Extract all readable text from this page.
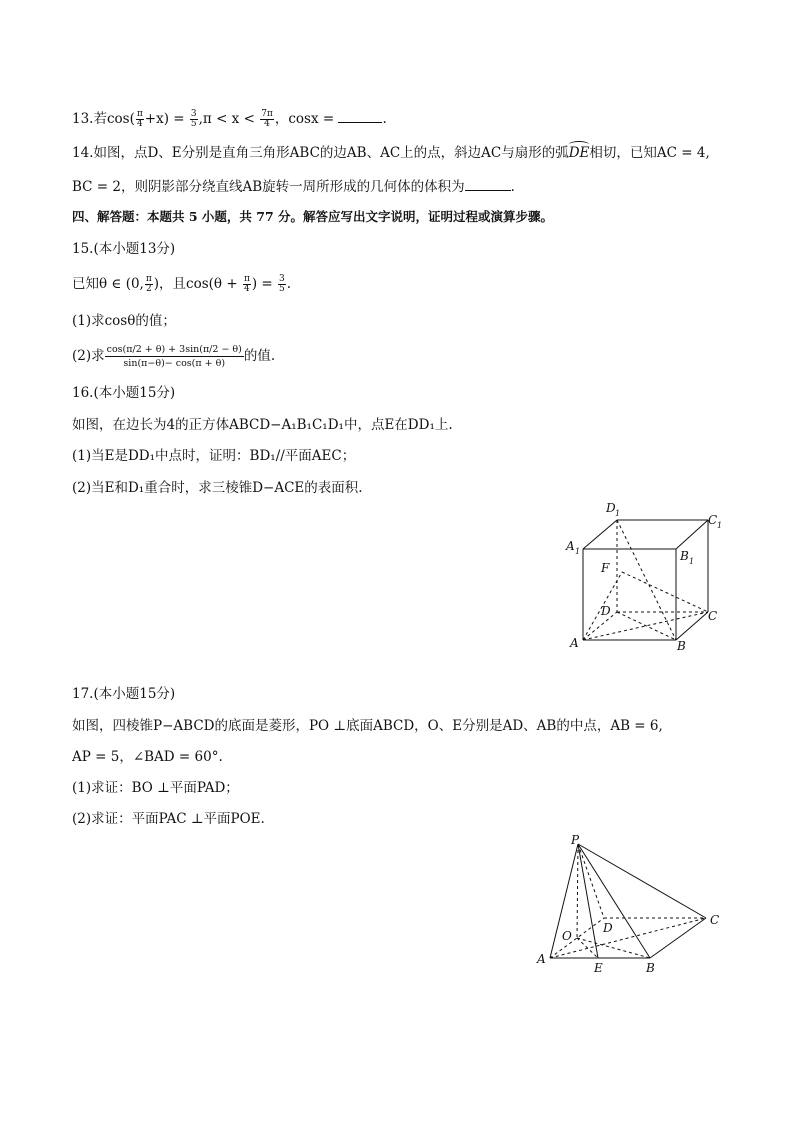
13.若$\cos( \frac{\pi}{4} +x) = \frac{3}{5} ,\pi < x < \frac{7\pi}{4}$ ，cosx =	.
14.如图，点D、E分别是直角三角形ABC的边AB、AC上的点，斜边AC与扇形的弧DE相切，已知AC = 4,
BC = 2，则阴影部分绕直线AB旋转一周所形成的几何体的体积为	.
四、解答题：本题共 5 小题，共 77 分。解答应写出文字说明，证明过程或演算步骤。
15.(本小题13分)
已知θ ∈ (0, $\frac{\pi}{2}$ )，且$\cos(\theta + \frac{\pi}{4}$ ) = $\frac{3}{5}$ .
(1)求cosθ的值；
(2)求 $\frac{\cos(\pi/2 + \theta) + 3\sin(\pi/2 - \theta)}{\sin(\pi-\theta)- \cos(\pi + \theta)}$ 的值.
16.(本小题15分)
如图，在边长为4的正方体ABCD−A₁B₁C₁D₁中，点E在DD₁上.
(1)当E是DD₁中点时，证明：BD₁//平面AEC；
(2)当E和D₁重合时，求三棱锥D−ACE的表面积.
D 1	C 1
A 1	B 1
F
D	C
A	B
17.(本小题15分)
如图，四棱锥P−ABCD的底面是菱形，PO ⊥底面ABCD，O、E分别是AD、AB的中点，AB = 6,
AP = 5，∠BAD = 60°.
(1)求证：BO ⊥平面PAD；
(2)求证：平面PAC ⊥平面POE.
P
C
D
O
A
E	B
